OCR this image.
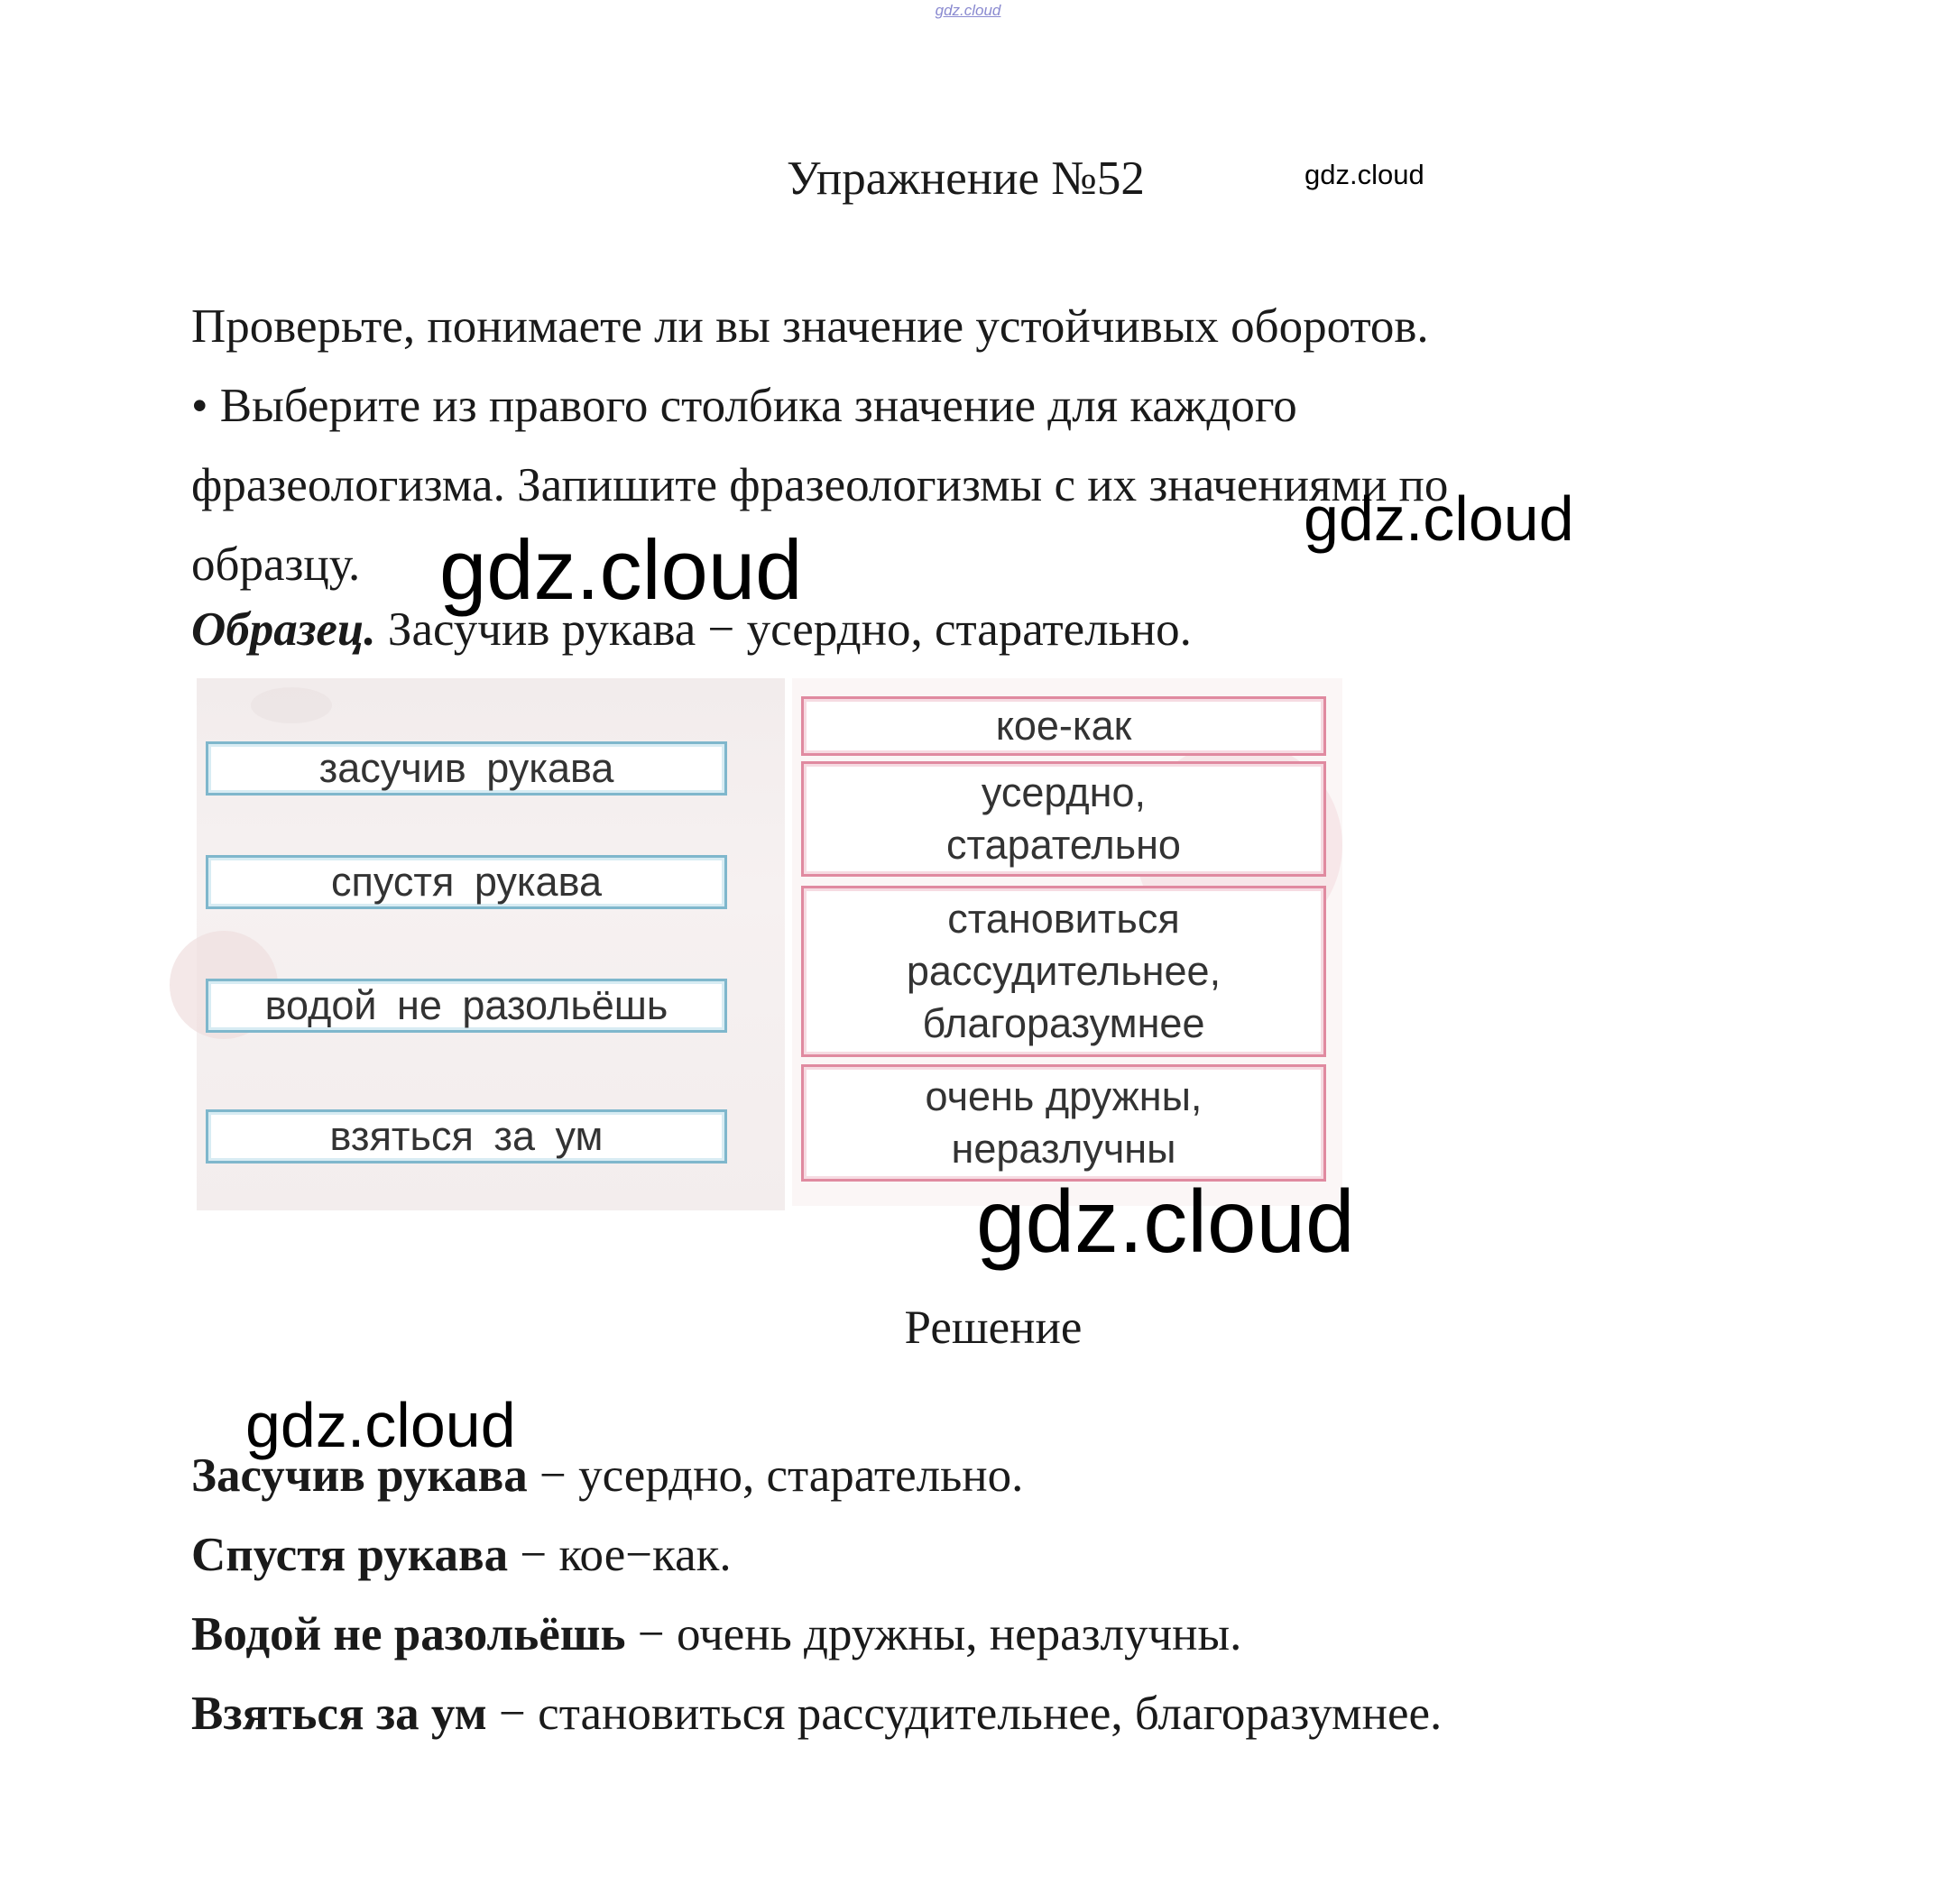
gdz.cloud
Упражнение №52	gdz.cloud

Проверьте, понимаете ли вы значение устойчивых оборотов.

• Выберите из правого столбика значение для каждого

фразеологизма. Запишите фразеологизмы с их значениями по

образцу.

Образец. Засучив рукава − усердно, старательно.
засучив рукава
спустя рукава
водой не разольёшь
взяться за ум
кое-как
усердно,
старательно
становиться
рассудительнее,
благоразумнее
очень дружны,
неразлучны
gdz.cloud
gdz.cloud
gdz.cloud
Решение
gdz.cloud

Засучив рукава − усердно, старательно.

Спустя рукава − кое−как.

Водой не разольёшь − очень дружны, неразлучны.

Взяться за ум − становиться рассудительнее, благоразумнее.
